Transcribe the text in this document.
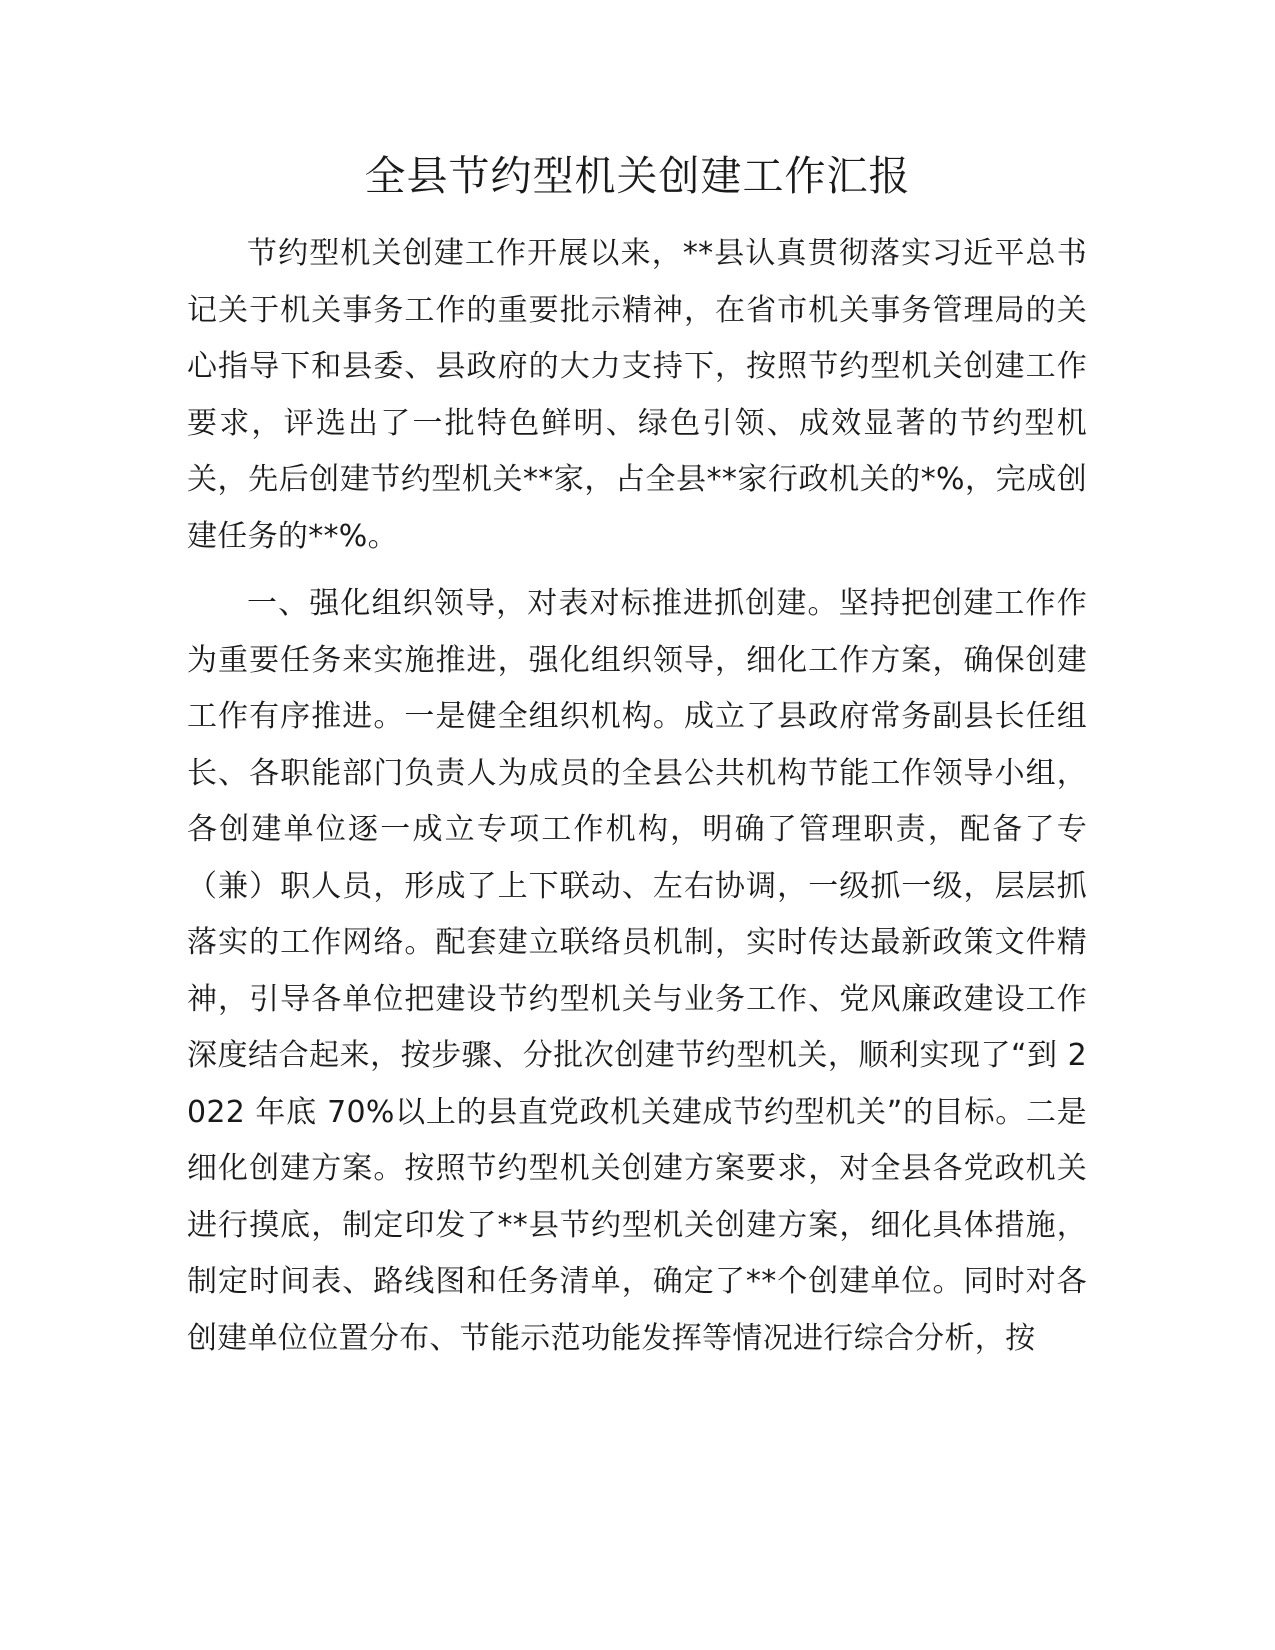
全县节约型机关创建工作汇报

节约型机关创建工作开展以来，**县认真贯彻落实习近平总书记关于机关事务工作的重要批示精神，在省市机关事务管理局的关心指导下和县委、县政府的大力支持下，按照节约型机关创建工作要求，评选出了一批特色鲜明、绿色引领、成效显著的节约型机关，先后创建节约型机关**家，占全县**家行政机关的*%，完成创建任务的**%。

一、强化组织领导，对表对标推进抓创建。坚持把创建工作作为重要任务来实施推进，强化组织领导，细化工作方案，确保创建工作有序推进。一是健全组织机构。成立了县政府常务副县长任组长、各职能部门负责人为成员的全县公共机构节能工作领导小组，各创建单位逐一成立专项工作机构，明确了管理职责，配备了专（兼）职人员，形成了上下联动、左右协调，一级抓一级，层层抓落实的工作网络。配套建立联络员机制，实时传达最新政策文件精神，引导各单位把建设节约型机关与业务工作、党风廉政建设工作深度结合起来，按步骤、分批次创建节约型机关，顺利实现了“到 2022 年底 70%以上的县直党政机关建成节约型机关”的目标。二是细化创建方案。按照节约型机关创建方案要求，对全县各党政机关进行摸底，制定印发了**县节约型机关创建方案，细化具体措施，制定时间表、路线图和任务清单，确定了**个创建单位。同时对各创建单位位置分布、节能示范功能发挥等情况进行综合分析，按
